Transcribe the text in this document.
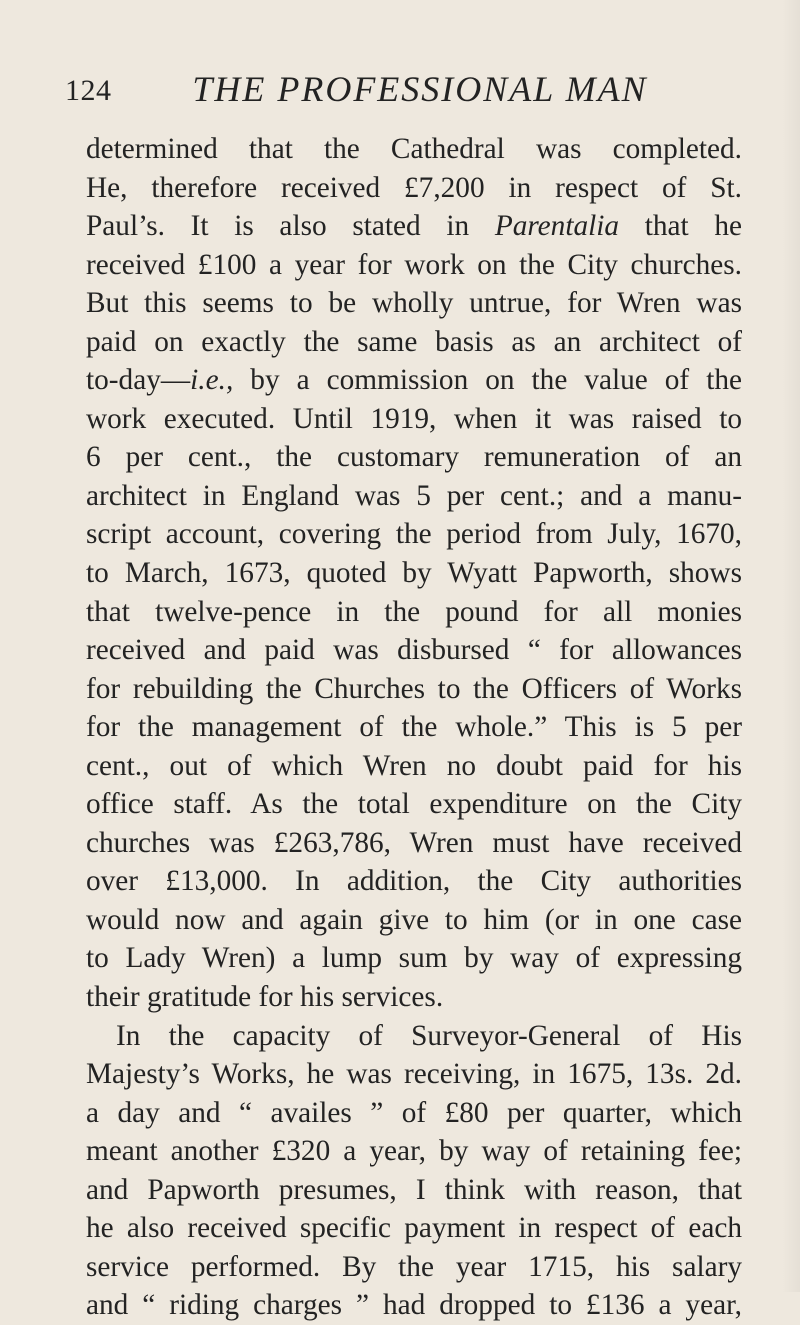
124	THE PROFESSIONAL MAN
determined that the Cathedral was completed.
He, therefore received £7,200 in respect of St.
Paul’s. It is also stated in Parentalia that he
received £100 a year for work on the City churches.
But this seems to be wholly untrue, for Wren was
paid on exactly the same basis as an architect of
to-day—i.e., by a commission on the value of the
work executed. Until 1919, when it was raised to
6 per cent., the customary remuneration of an
architect in England was 5 per cent.; and a manu-
script account, covering the period from July, 1670,
to March, 1673, quoted by Wyatt Papworth, shows
that twelve-pence in the pound for all monies
received and paid was disbursed “ for allowances
for rebuilding the Churches to the Officers of Works
for the management of the whole.” This is 5 per
cent., out of which Wren no doubt paid for his
office staff. As the total expenditure on the City
churches was £263,786, Wren must have received
over £13,000. In addition, the City authorities
would now and again give to him (or in one case
to Lady Wren) a lump sum by way of expressing
their gratitude for his services.
In the capacity of Surveyor-General of His
Majesty’s Works, he was receiving, in 1675, 13s. 2d.
a day and “ availes ” of £80 per quarter, which
meant another £320 a year, by way of retaining fee;
and Papworth presumes, I think with reason, that
he also received specific payment in respect of each
service performed. By the year 1715, his salary
and “ riding charges ” had dropped to £136 a year,
